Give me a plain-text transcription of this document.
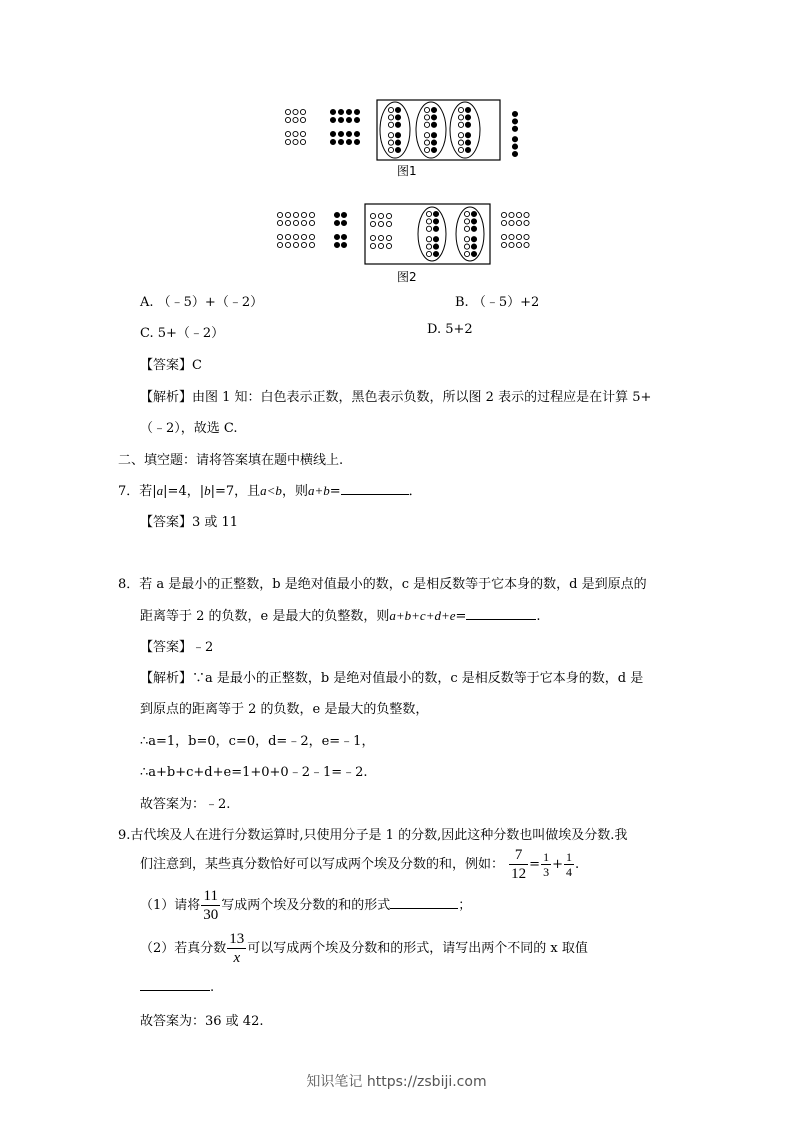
图1
图2
A. （﹣5）+（﹣2）	B. （﹣5）+2
C. 5+（﹣2）	D. 5+2
【答案】C
【解析】由图 1 知：白色表示正数，黑色表示负数，所以图 2 表示的过程应是在计算 5+
（﹣2），故选 C.
二、填空题：请将答案填在题中横线上.
7．若|a|=4，|b|=7，且a<b，则a+b=	．
【答案】3 或 11
8．若 a 是最小的正整数，b 是绝对值最小的数，c 是相反数等于它本身的数，d 是到原点的
距离等于 2 的负数，e 是最大的负整数，则a+b+c+d+e=	.
【答案】﹣2
【解析】∵a 是最小的正整数，b 是绝对值最小的数，c 是相反数等于它本身的数，d 是
到原点的距离等于 2 的负数，e 是最大的负整数，
∴a=1，b=0，c=0，d=﹣2，e=﹣1，
∴a+b+c+d+e=1+0+0﹣2﹣1=﹣2.
故答案为：﹣2.
9.古代埃及人在进行分数运算时,只使用分子是 1 的分数,因此这种分数也叫做埃及分数.我
们注意到，某些真分数恰好可以写成两个埃及分数的和，例如： $\frac{7}{12} = \frac{1}{3} + \frac{1}{4}$ .
（1）请将 $\frac{11}{30}$ 写成两个埃及分数的和的形式	；
（2）若真分数 $\frac{13}{x}$ 可以写成两个埃及分数和的形式，请写出两个不同的 x 取值
.
故答案为：36 或 42.
知识笔记 https://zsbiji.com
